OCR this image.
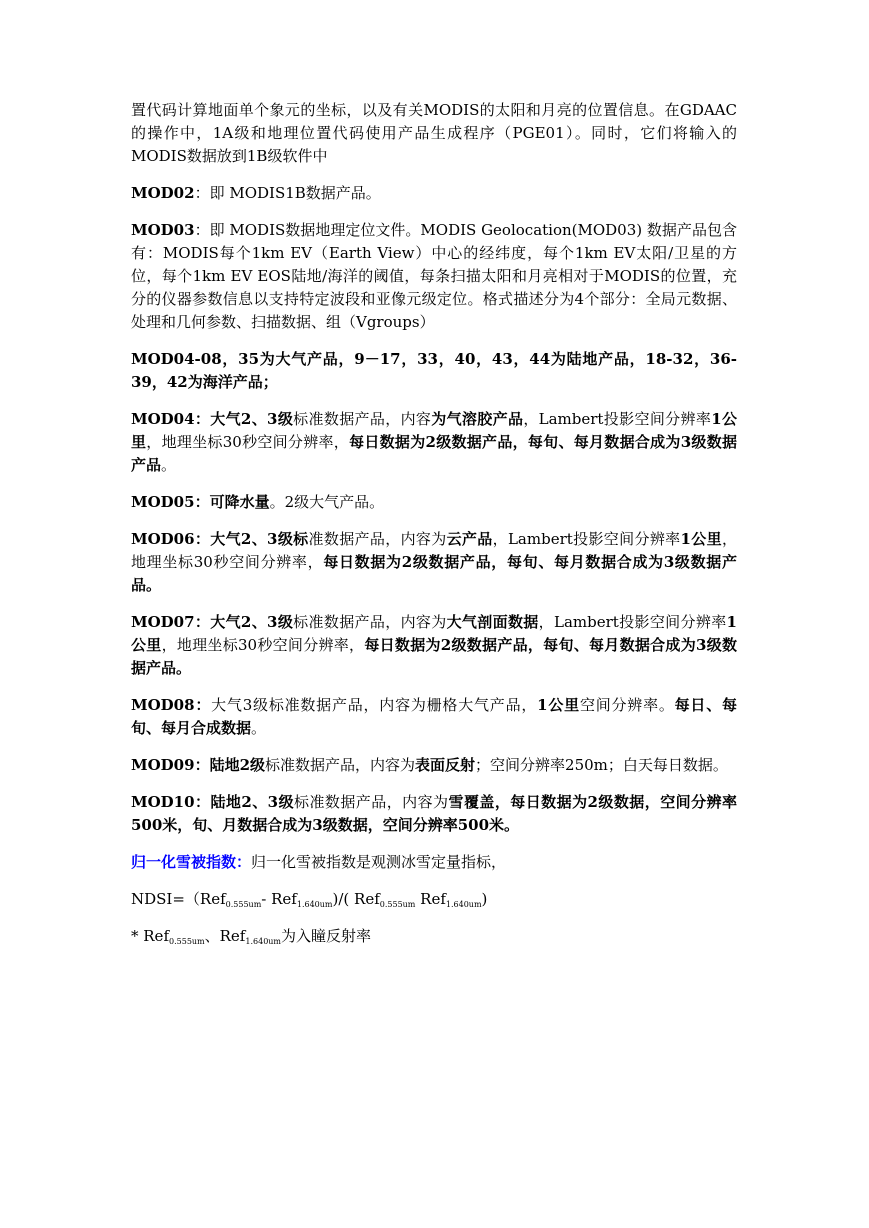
置代码计算地面单个象元的坐标，以及有关MODIS的太阳和月亮的位置信息。在GDAAC的操作中，1A级和地理位置代码使用产品生成程序（PGE01）。同时，它们将输入的MODIS数据放到1B级软件中

MOD02：即 MODIS1B数据产品。

MOD03：即 MODIS数据地理定位文件。MODIS Geolocation(MOD03) 数据产品包含有：MODIS每个1km EV（Earth View）中心的经纬度，每个1km EV太阳/卫星的方位，每个1km EV EOS陆地/海洋的阈值，每条扫描太阳和月亮相对于MODIS的位置，充分的仪器参数信息以支持特定波段和亚像元级定位。格式描述分为4个部分：全局元数据、处理和几何参数、扫描数据、组（Vgroups）

MOD04-08，35为大气产品，9－17，33，40，43，44为陆地产品，18-32，36-39，42为海洋产品；

MOD04：大气2、3级标准数据产品，内容为气溶胶产品，Lambert投影空间分辨率1公里，地理坐标30秒空间分辨率，每日数据为2级数据产品，每旬、每月数据合成为3级数据产品。

MOD05：可降水量。2级大气产品。

MOD06：大气2、3级标准数据产品，内容为云产品，Lambert投影空间分辨率1公里，地理坐标30秒空间分辨率，每日数据为2级数据产品，每旬、每月数据合成为3级数据产品。

MOD07：大气2、3级标准数据产品，内容为大气剖面数据，Lambert投影空间分辨率1公里，地理坐标30秒空间分辨率，每日数据为2级数据产品，每旬、每月数据合成为3级数据产品。

MOD08：大气3级标准数据产品，内容为栅格大气产品，1公里空间分辨率。每日、每旬、每月合成数据。

MOD09：陆地2级标准数据产品，内容为表面反射；空间分辨率250m；白天每日数据。

MOD10：陆地2、3级标准数据产品，内容为雪覆盖，每日数据为2级数据，空间分辨率500米，旬、月数据合成为3级数据，空间分辨率500米。

归一化雪被指数：归一化雪被指数是观测冰雪定量指标，

NDSI=（Ref$_{0.555um}$- Ref$_{1.640um}$)/( Ref$_{0.555um}$ Ref$_{1.640um}$)

* Ref$_{0.555um}$、Ref$_{1.640um}$为入瞳反射率
